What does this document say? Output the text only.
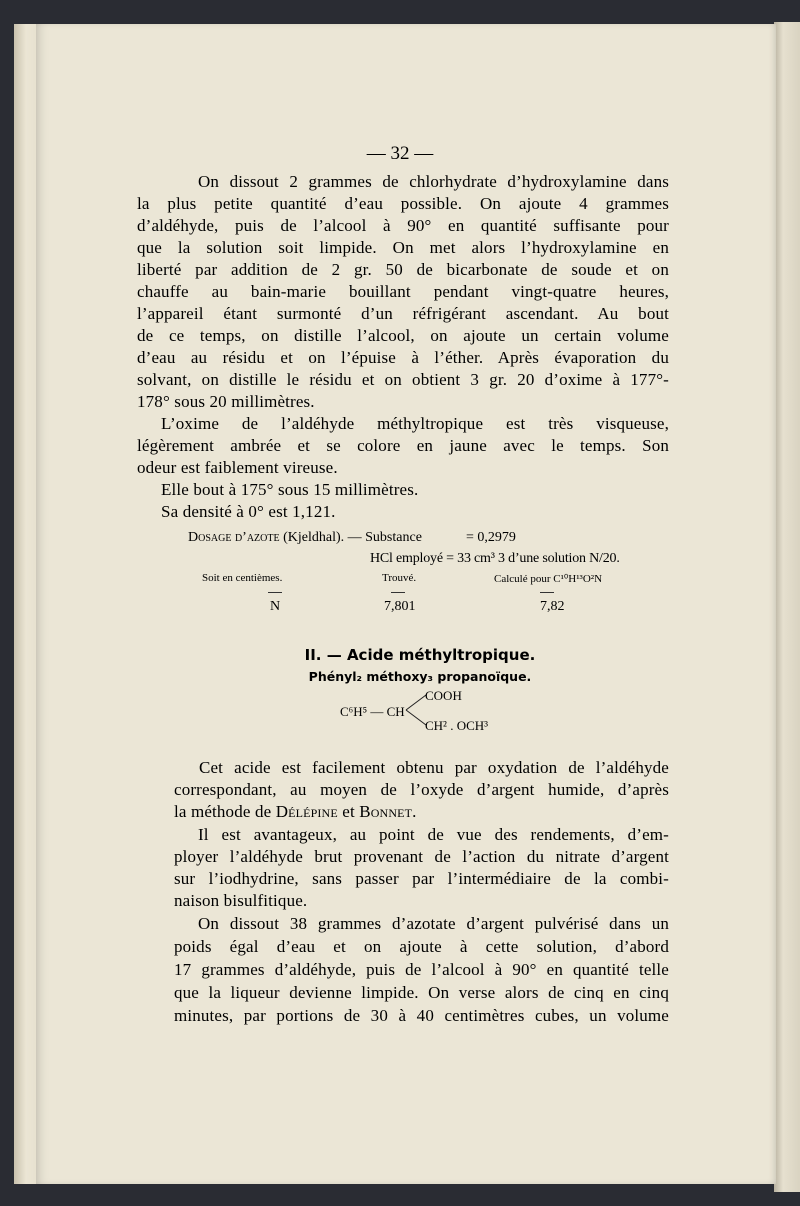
— 32 —
On dissout 2 grammes de chlorhydrate d’hydroxylamine dans
la plus petite quantité d’eau possible. On ajoute 4 grammes
d’aldéhyde, puis de l’alcool à 90° en quantité suffisante pour
que la solution soit limpide. On met alors l’hydroxylamine en
liberté par addition de 2 gr. 50 de bicarbonate de soude et on
chauffe au bain-marie bouillant pendant vingt-quatre heures,
l’appareil étant surmonté d’un réfrigérant ascendant. Au bout
de ce temps, on distille l’alcool, on ajoute un certain volume
d’eau au résidu et on l’épuise à l’éther. Après évaporation du
solvant, on distille le résidu et on obtient 3 gr. 20 d’oxime à 177°-
178° sous 20 millimètres.
L’oxime de l’aldéhyde méthyltropique est très visqueuse,
légèrement ambrée et se colore en jaune avec le temps. Son
odeur est faiblement vireuse.
Elle bout à 175° sous 15 millimètres.
Sa densité à 0° est 1,121.
Dosage d’azote (Kjeldhal). — Substance	= 0,2979
HCl employé = 33 cm³ 3 d’une solution N/20.
Soit en centièmes.	Trouvé.	Calculé pour C¹⁰H¹³O²N
N	7,801	7,82
II. — Acide méthyltropique.
Phényl₂ méthoxy₃ propanoïque.
C⁶H⁵ — CH
COOH
CH² . OCH³
Cet acide est facilement obtenu par oxydation de l’aldéhyde
correspondant, au moyen de l’oxyde d’argent humide, d’après
la méthode de Délépine et Bonnet.
Il est avantageux, au point de vue des rendements, d’em-
ployer l’aldéhyde brut provenant de l’action du nitrate d’argent
sur l’iodhydrine, sans passer par l’intermédiaire de la combi-
naison bisulfitique.
On dissout 38 grammes d’azotate d’argent pulvérisé dans un
poids égal d’eau et on ajoute à cette solution, d’abord
17 grammes d’aldéhyde, puis de l’alcool à 90° en quantité telle
que la liqueur devienne limpide. On verse alors de cinq en cinq
minutes, par portions de 30 à 40 centimètres cubes, un volume
